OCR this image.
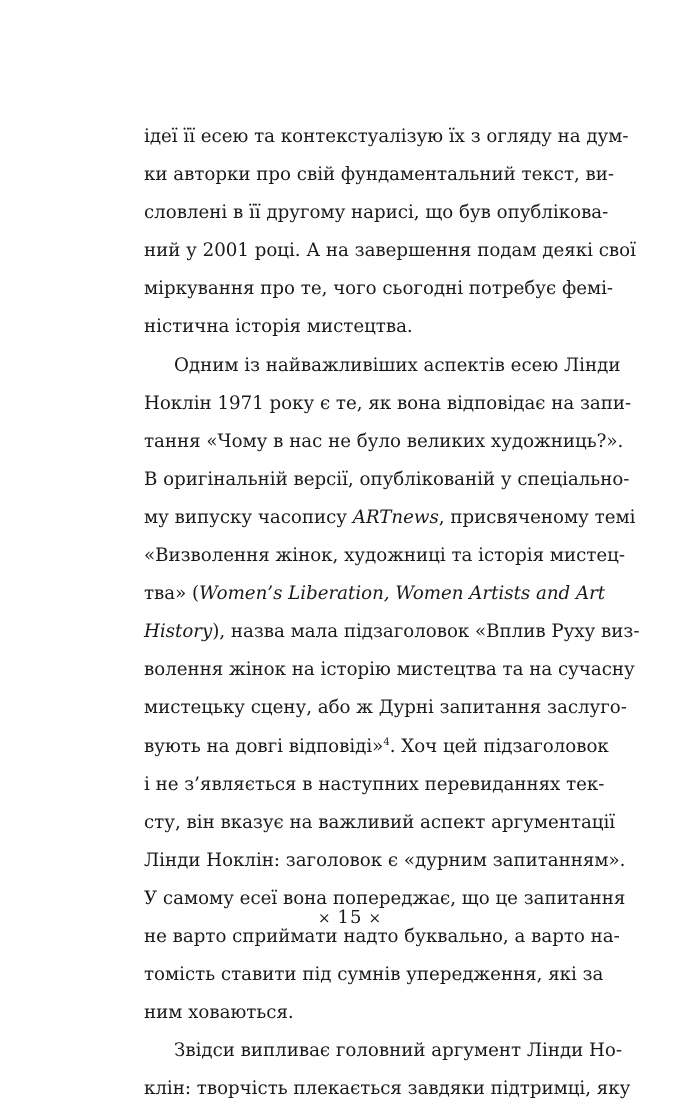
ідеї її есею та контекстуалізую їх з огляду на дум-
ки авторки про свій фундаментальний текст, ви-
словлені в її другому нарисі, що був опублікова-
ний у 2001 році. А на завершення подам деякі свої
міркування про те, чого сьогодні потребує фемі-
ністична історія мистецтва.
Одним із найважливіших аспектів есею Лінди
Ноклін 1971 року є те, як вона відповідає на запи-
тання «Чому в нас не було великих художниць?».
В оригінальній версії, опублікованій у спеціально-
му випуску часопису ARTnews, присвяченому темі
«Визволення жінок, художниці та історія мистец-
тва» (Women’s Liberation, Women Artists and Art
History), назва мала підзаголовок «Вплив Руху виз-
волення жінок на історію мистецтва та на сучасну
мистецьку сцену, або ж Дурні запитання заслуго-
вують на довгі відповіді»$^4$. Хоч цей підзаголовок
і не з’являється в наступних перевиданнях тек-
сту, він вказує на важливий аспект аргументації
Лінди Ноклін: заголовок є «дурним запитанням».
У самому есеї вона попереджає, що це запитання
не варто сприймати надто буквально, а варто на-
томість ставити під сумнів упередження, які за
ним ховаються.
Звідси випливає головний аргумент Лінди Но-
клін: творчість плекається завдяки підтримці, яку
× 15 ×
